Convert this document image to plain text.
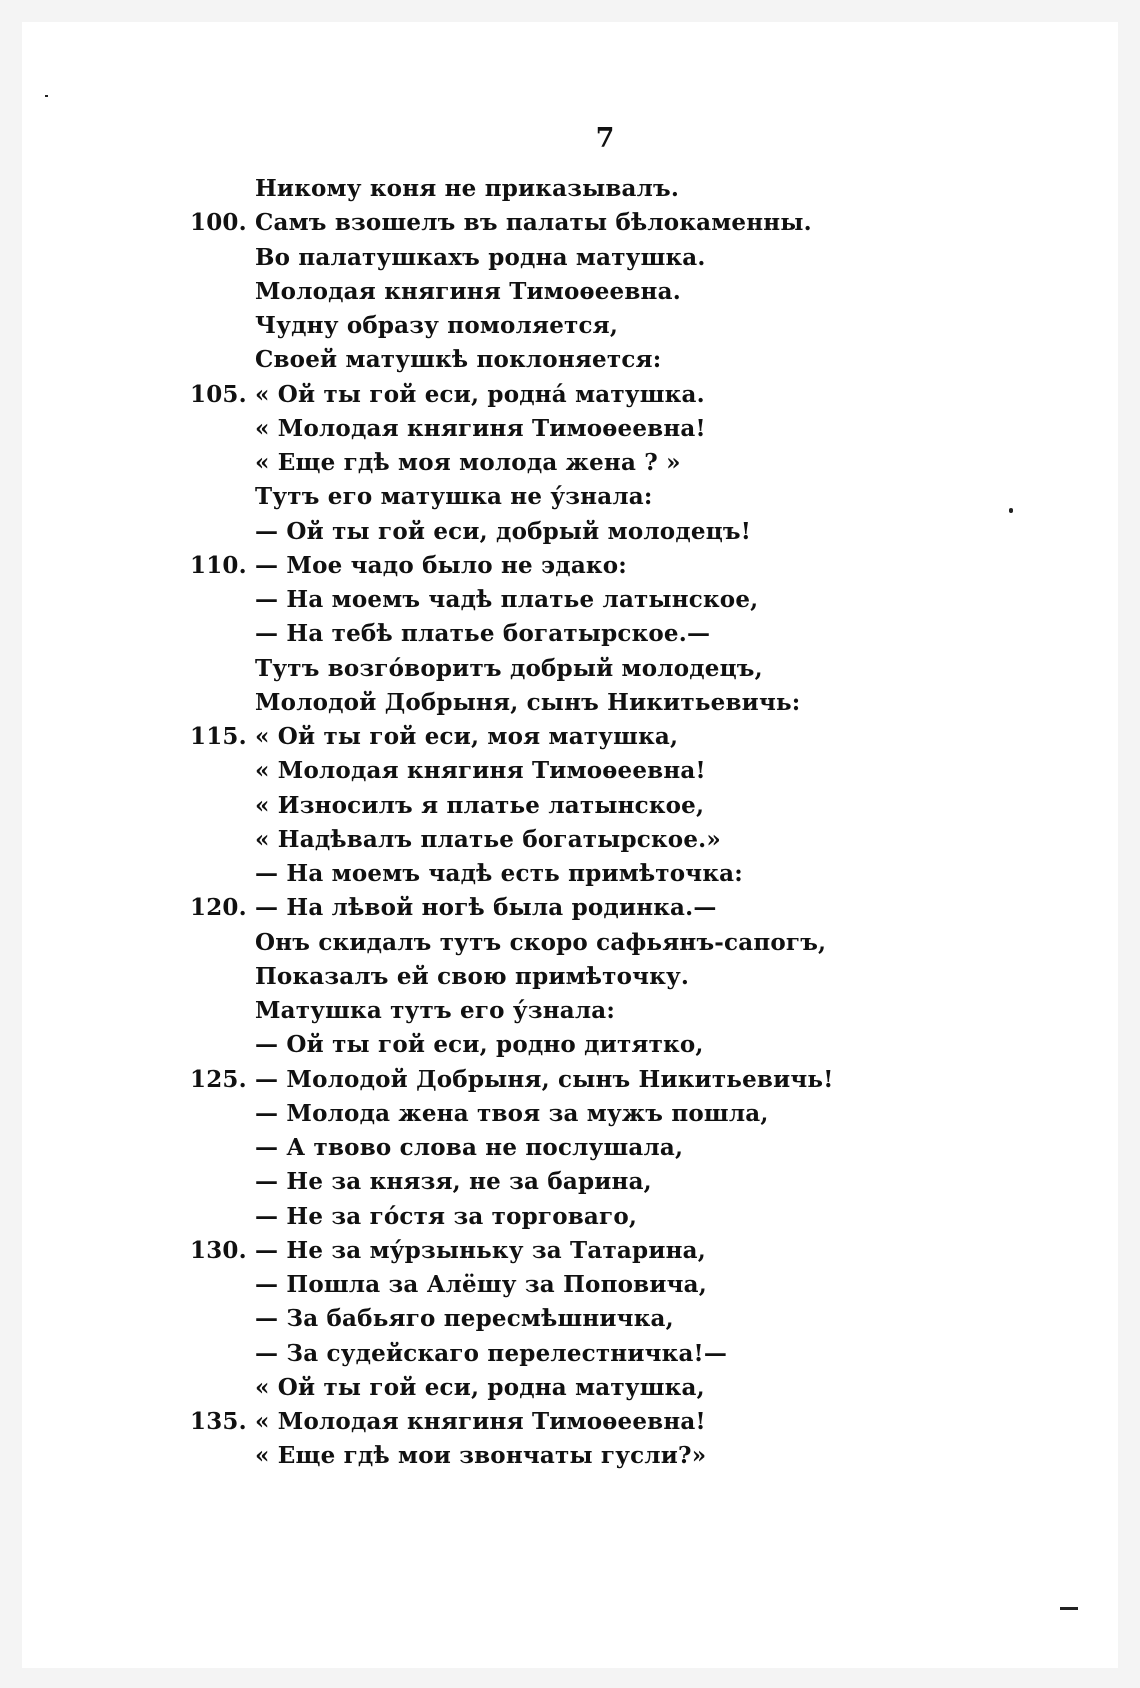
7
Никому коня не приказывалъ.
100. Самъ взошелъ въ палаты бѣлокаменны.
Во палатушкахъ родна матушка.
Молодая княгиня Тимоѳеевна.
Чудну образу помоляется,
Своей матушкѣ поклоняется:
105. « Ой ты гой еси, родна́ матушка.
« Молодая княгиня Тимоѳеевна!
« Еще гдѣ моя молода жена ? »
Тутъ его матушка не у́знала:
— Ой ты гой еси, добрый молодецъ!
110. — Мое чадо было не эдако:
— На моемъ чадѣ платье латынское,
— На тебѣ платье богатырское.—
Тутъ возго́воритъ добрый молодецъ,
Молодой Добрыня, сынъ Никитьевичь:
115. « Ой ты гой еси, моя матушка,
« Молодая княгиня Тимоѳеевна!
« Износилъ я платье латынское,
« Надѣвалъ платье богатырское.»
— На моемъ чадѣ есть примѣточка:
120. — На лѣвой ногѣ была родинка.—
Онъ скидалъ тутъ скоро сафьянъ-сапогъ,
Показалъ ей свою примѣточку.
Матушка тутъ его у́знала:
— Ой ты гой еси, родно дитятко,
125. — Молодой Добрыня, сынъ Никитьевичь!
— Молода жена твоя за мужъ пошла,
— А твово слова не послушала,
— Не за князя, не за барина,
— Не за го́стя за торговаго,
130. — Не за му́рзыньку за Татарина,
— Пошла за Алёшу за Поповича,
— За бабьяго пересмѣшничка,
— За судейскаго перелестничка!—
« Ой ты гой еси, родна матушка,
135. « Молодая княгиня Тимоѳеевна!
« Еще гдѣ мои звончаты гусли?»
